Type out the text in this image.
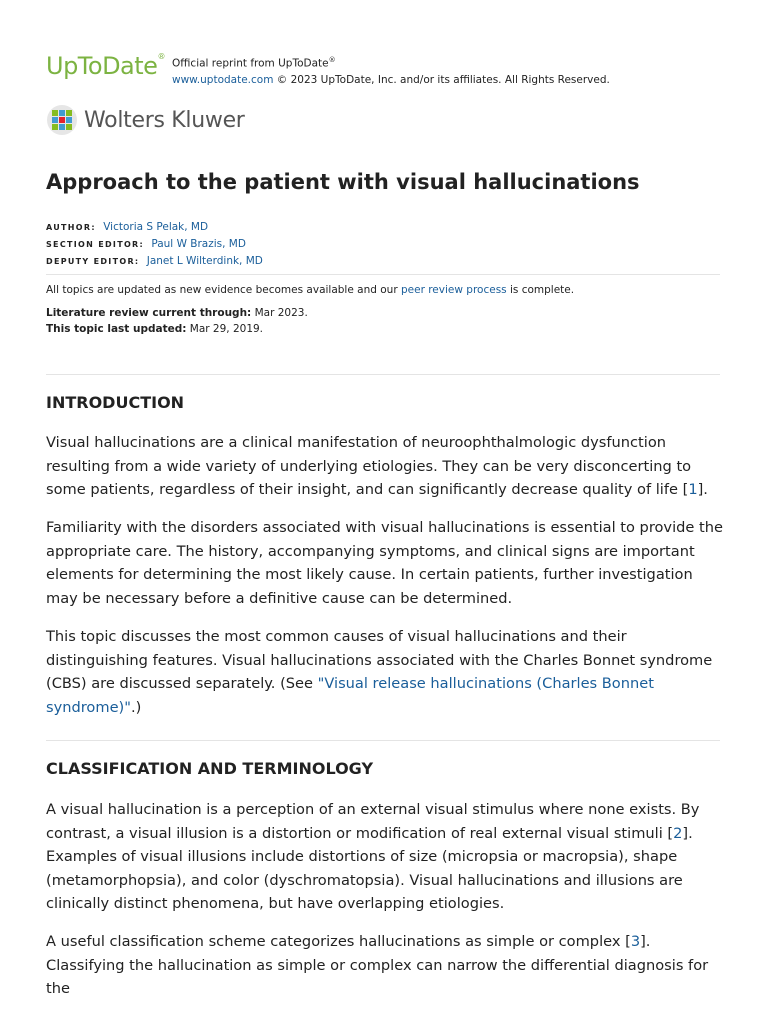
UpToDate®
Official reprint from UpToDate®
www.uptodate.com © 2023 UpToDate, Inc. and/or its affiliates. All Rights Reserved.
Wolters Kluwer
Approach to the patient with visual hallucinations
AUTHOR: Victoria S Pelak, MD
SECTION EDITOR: Paul W Brazis, MD
DEPUTY EDITOR: Janet L Wilterdink, MD
All topics are updated as new evidence becomes available and our peer review process is complete.
Literature review current through: Mar 2023.
This topic last updated: Mar 29, 2019.
INTRODUCTION

Visual hallucinations are a clinical manifestation of neuroophthalmologic dysfunction resulting from a wide variety of underlying etiologies. They can be very disconcerting to some patients, regardless of their insight, and can significantly decrease quality of life [1].

Familiarity with the disorders associated with visual hallucinations is essential to provide the appropriate care. The history, accompanying symptoms, and clinical signs are important elements for determining the most likely cause. In certain patients, further investigation may be necessary before a definitive cause can be determined.

This topic discusses the most common causes of visual hallucinations and their distinguishing features. Visual hallucinations associated with the Charles Bonnet syndrome (CBS) are discussed separately. (See "Visual release hallucinations (Charles Bonnet syndrome)".)

CLASSIFICATION AND TERMINOLOGY

A visual hallucination is a perception of an external visual stimulus where none exists. By contrast, a visual illusion is a distortion or modification of real external visual stimuli [2]. Examples of visual illusions include distortions of size (micropsia or macropsia), shape (metamorphopsia), and color (dyschromatopsia). Visual hallucinations and illusions are clinically distinct phenomena, but have overlapping etiologies.

A useful classification scheme categorizes hallucinations as simple or complex [3]. Classifying the hallucination as simple or complex can narrow the differential diagnosis for the
